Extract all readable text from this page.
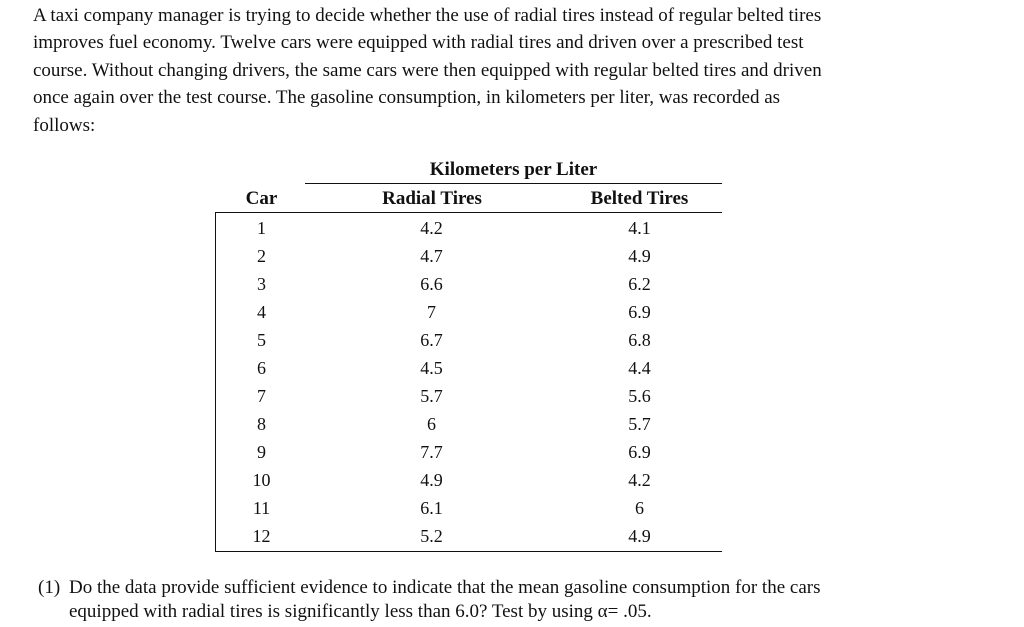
A taxi company manager is trying to decide whether the use of radial tires instead of regular belted tires
improves fuel economy. Twelve cars were equipped with radial tires and driven over a prescribed test
course. Without changing drivers, the same cars were then equipped with regular belted tires and driven
once again over the test course. The gasoline consumption, in kilometers per liter, was recorded as
follows:
Kilometers per Liter
Car	Radial Tires	Belted Tires
1	4.2	4.1
2	4.7	4.9
3	6.6	6.2
4	7	6.9
5	6.7	6.8
6	4.5	4.4
7	5.7	5.6
8	6	5.7
9	7.7	6.9
10	4.9	4.2
11	6.1	6
12	5.2	4.9
(1) Do the data provide sufficient evidence to indicate that the mean gasoline consumption for the cars
equipped with radial tires is significantly less than 6.0? Test by using α= .05.
